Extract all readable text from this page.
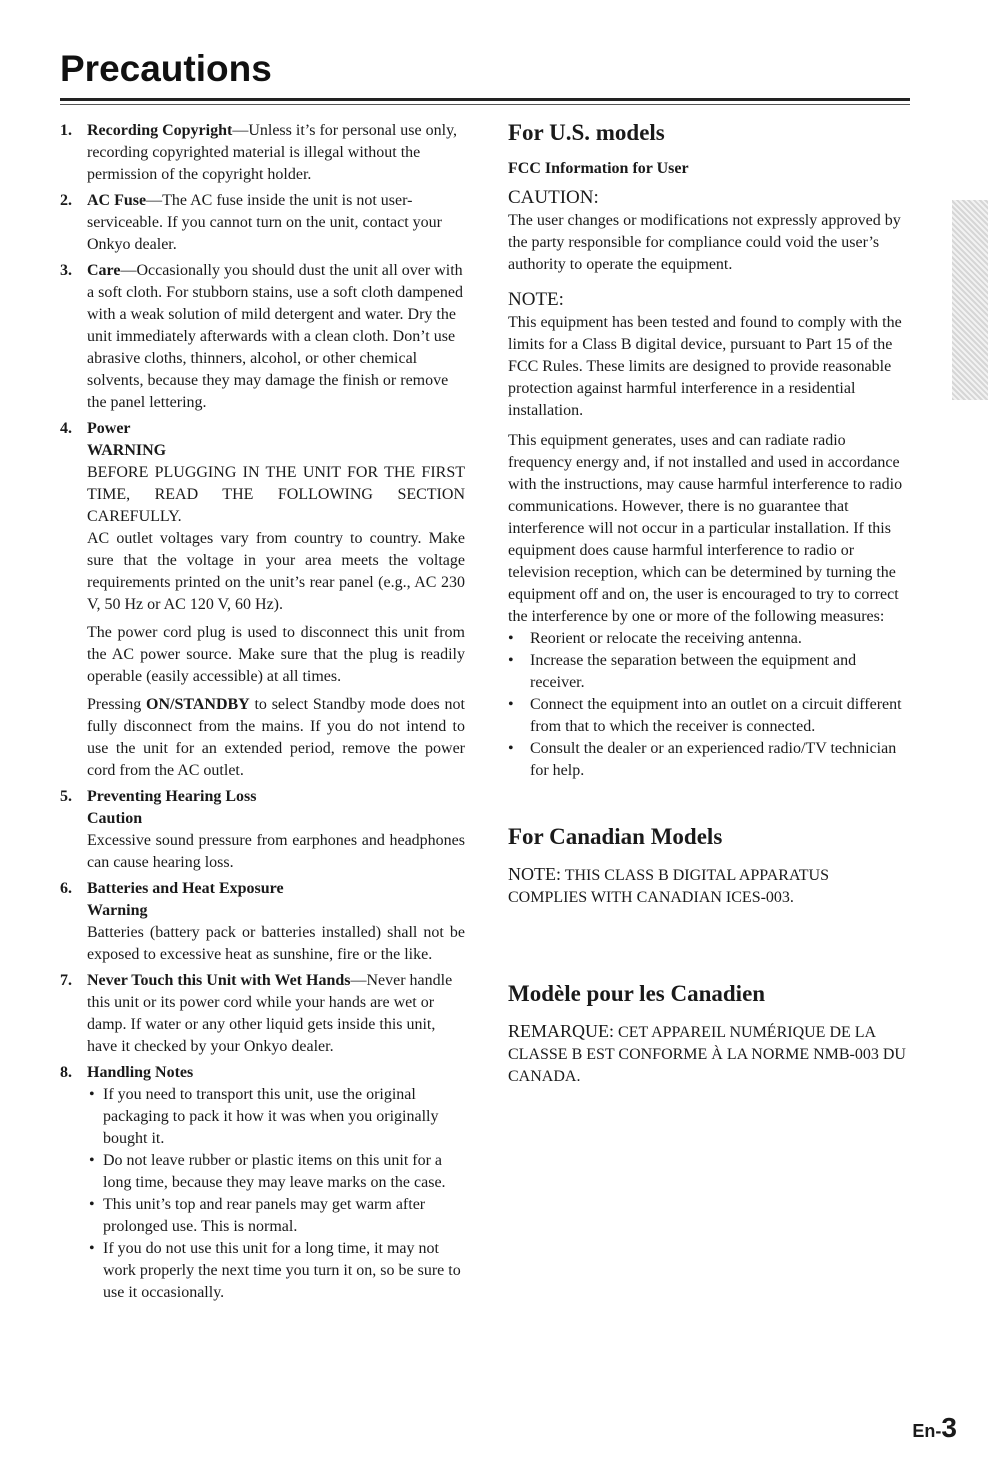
Precautions
1. Recording Copyright—Unless it’s for personal use only, recording copyrighted material is illegal without the permission of the copyright holder.

2. AC Fuse—The AC fuse inside the unit is not user-serviceable. If you cannot turn on the unit, contact your Onkyo dealer.

3. Care—Occasionally you should dust the unit all over with a soft cloth. For stubborn stains, use a soft cloth dampened with a weak solution of mild detergent and water. Dry the unit immediately afterwards with a clean cloth. Don’t use abrasive cloths, thinners, alcohol, or other chemical solvents, because they may damage the finish or remove the panel lettering.

4. Power
WARNING

BEFORE PLUGGING IN THE UNIT FOR THE FIRST TIME, READ THE FOLLOWING SECTION CAREFULLY.

AC outlet voltages vary from country to country. Make sure that the voltage in your area meets the voltage requirements printed on the unit’s rear panel (e.g., AC 230 V, 50 Hz or AC 120 V, 60 Hz).

The power cord plug is used to disconnect this unit from the AC power source. Make sure that the plug is readily operable (easily accessible) at all times.

Pressing ON/STANDBY to select Standby mode does not fully disconnect from the mains. If you do not intend to use the unit for an extended period, remove the power cord from the AC outlet.

5. Preventing Hearing Loss
Caution

Excessive sound pressure from earphones and headphones can cause hearing loss.

6. Batteries and Heat Exposure
Warning

Batteries (battery pack or batteries installed) shall not be exposed to excessive heat as sunshine, fire or the like.

7. Never Touch this Unit with Wet Hands—Never handle this unit or its power cord while your hands are wet or damp. If water or any other liquid gets inside this unit, have it checked by your Onkyo dealer.

8. Handling Notes
• If you need to transport this unit, use the original packaging to pack it how it was when you originally bought it.
• Do not leave rubber or plastic items on this unit for a long time, because they may leave marks on the case.
• This unit’s top and rear panels may get warm after prolonged use. This is normal.
• If you do not use this unit for a long time, it may not work properly the next time you turn it on, so be sure to use it occasionally.
For U.S. models
FCC Information for User
CAUTION:

The user changes or modifications not expressly approved by the party responsible for compliance could void the user’s authority to operate the equipment.

NOTE:

This equipment has been tested and found to comply with the limits for a Class B digital device, pursuant to Part 15 of the FCC Rules. These limits are designed to provide reasonable protection against harmful interference in a residential installation.

This equipment generates, uses and can radiate radio frequency energy and, if not installed and used in accordance with the instructions, may cause harmful interference to radio communications. However, there is no guarantee that interference will not occur in a particular installation. If this equipment does cause harmful interference to radio or television reception, which can be determined by turning the equipment off and on, the user is encouraged to try to correct the interference by one or more of the following measures:

• Reorient or relocate the receiving antenna.
• Increase the separation between the equipment and receiver.
• Connect the equipment into an outlet on a circuit different from that to which the receiver is connected.
• Consult the dealer or an experienced radio/TV technician for help.
For Canadian Models

NOTE: THIS CLASS B DIGITAL APPARATUS COMPLIES WITH CANADIAN ICES-003.

Modèle pour les Canadien

REMARQUE: CET APPAREIL NUMÉRIQUE DE LA CLASSE B EST CONFORME À LA NORME NMB-003 DU CANADA.

En-3
